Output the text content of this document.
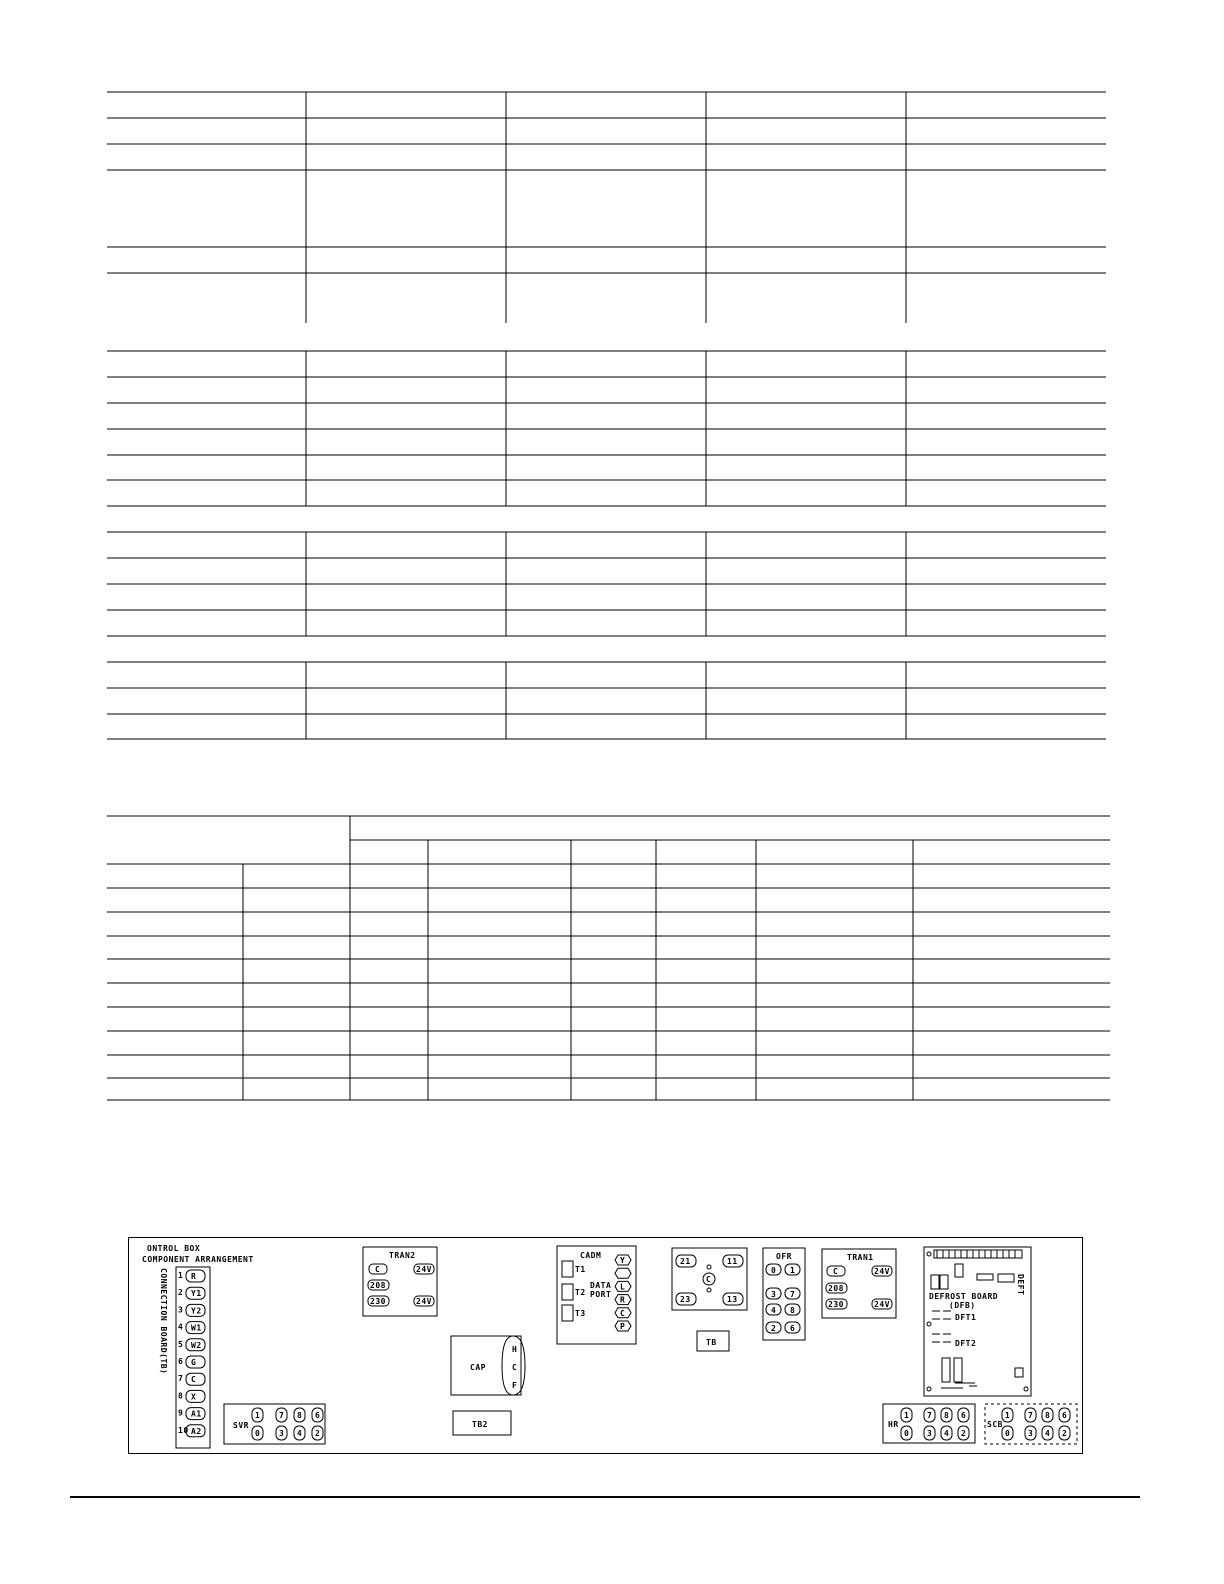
ONTROL BOX
COMPONENT ARRANGEMENT
CONNECTION BOARD(TB) 1 R
2 Y1
3 Y2
4 W1
5 W2
6 G
7 C
8 X
9 A1
10 A2
SVR
1 7 8 6
0 3 4 2
TRAN2
C
208
230
24V
24V
CAP
H
C
F
TB2
CADM
T1
T2
T3
DATA
PORT
Y
L
R
C
P
21	11
23	13
C
TB
OFR
0 1
3 7
4 8
2 6
TRAN1
C
208
230
24V
24V
DEFT
DEFROST BOARD
(DFB)
DFT1
DFT2
HR
1 7 8 6
0 3 4 2
SCB
1 7 8 6
0 3 4 2
